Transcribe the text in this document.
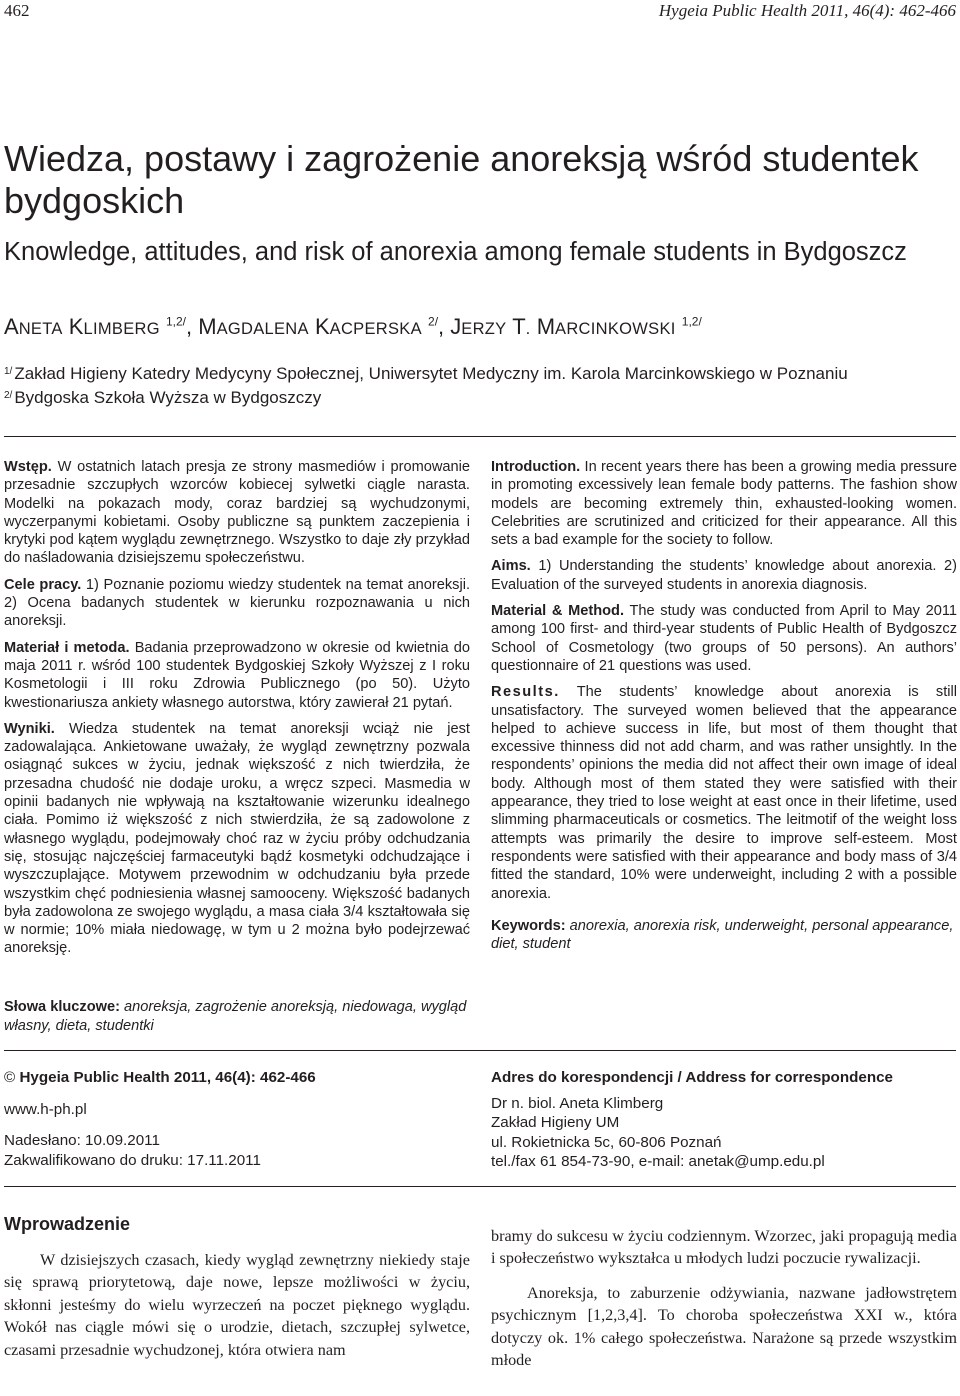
462	Hygeia Public Health 2011, 46(4): 462-466
Wiedza, postawy i zagrożenie anoreksją wśród studentek bydgoskich
Knowledge, attitudes, and risk of anorexia among female students in Bydgoszcz
ANETA KLIMBERG $^{1,2/}$, MAGDALENA KACPERSKA $^{2/}$, JERZY T. MARCINKOWSKI $^{1,2/}$
$^{1/}$ Zakład Higieny Katedry Medycyny Społecznej, Uniwersytet Medyczny im. Karola Marcinkowskiego w Poznaniu
$^{2/}$ Bydgoska Szkoła Wyższa w Bydgoszczy

Wstęp. W ostatnich latach presja ze strony masmediów i promowanie przesadnie szczupłych wzorców kobiecej sylwetki ciągle narasta. Modelki na pokazach mody, coraz bardziej są wychudzonymi, wyczerpanymi kobietami. Osoby publiczne są punktem zaczepienia i krytyki pod kątem wyglądu zewnętrznego. Wszystko to daje zły przykład do naśladowania dzisiejszemu społeczeństwu.

Cele pracy. 1) Poznanie poziomu wiedzy studentek na temat anoreksji. 2) Ocena badanych studentek w kierunku rozpoznawania u nich anoreksji.

Materiał i metoda. Badania przeprowadzono w okresie od kwietnia do maja 2011 r. wśród 100 studentek Bydgoskiej Szkoły Wyższej z I roku Kosmetologii i III roku Zdrowia Publicznego (po 50). Użyto kwestionariusza ankiety własnego autorstwa, który zawierał 21 pytań.

Wyniki. Wiedza studentek na temat anoreksji wciąż nie jest zadowalająca. Ankietowane uważały, że wygląd zewnętrzny pozwala osiągnąć sukces w życiu, jednak większość z nich twierdziła, że przesadna chudość nie dodaje uroku, a wręcz szpeci. Masmedia w opinii badanych nie wpływają na kształtowanie wizerunku idealnego ciała. Pomimo iż większość z nich stwierdziła, że są zadowolone z własnego wyglądu, podejmowały choć raz w życiu próby odchudzania się, stosując najczęściej farmaceutyki bądź kosmetyki odchudzające i wyszczuplające. Motywem przewodnim w odchudzaniu była przede wszystkim chęć podniesienia własnej samooceny. Większość badanych była zadowolona ze swojego wyglądu, a masa ciała 3/4 kształtowała się w normie; 10% miała niedowagę, w tym u 2 można było podejrzewać anoreksję.

Słowa kluczowe: anoreksja, zagrożenie anoreksją, niedowaga, wygląd własny, dieta, studentki

Introduction. In recent years there has been a growing media pressure in promoting excessively lean female body patterns. The fashion show models are becoming extremely thin, exhausted-looking women. Celebrities are scrutinized and criticized for their appearance. All this sets a bad example for the society to follow.

Aims. 1) Understanding the students’ knowledge about anorexia. 2) Evaluation of the surveyed students in anorexia diagnosis.

Material & Method. The study was conducted from April to May 2011 among 100 first- and third-year students of Public Health of Bydgoszcz School of Cosmetology (two groups of 50 persons). An authors’ questionnaire of 21 questions was used.

Results. The students’ knowledge about anorexia is still unsatisfactory. The surveyed women believed that the appearance helped to achieve success in life, but most of them thought that excessive thinness did not add charm, and was rather unsightly. In the respondents’ opinions the media did not affect their own image of ideal body. Although most of them stated they were satisfied with their appearance, they tried to lose weight at east once in their lifetime, used slimming pharmaceuticals or cosmetics. The leitmotif of the weight loss attempts was primarily the desire to improve self-esteem. Most respondents were satisfied with their appearance and body mass of 3/4 fitted the standard, 10% were underweight, including 2 with a possible anorexia.

Keywords: anorexia, anorexia risk, underweight, personal appearance, diet, student

© Hygeia Public Health 2011, 46(4): 462-466
www.h-ph.pl
Nadesłano: 10.09.2011
Zakwalifikowano do druku: 17.11.2011
Adres do korespondencji / Address for correspondence
Dr n. biol. Aneta Klimberg
Zakład Higieny UM
ul. Rokietnicka 5c, 60-806 Poznań
tel./fax 61 854-73-90, e-mail: anetak@ump.edu.pl
Wprowadzenie

W dzisiejszych czasach, kiedy wygląd zewnętrzny niekiedy staje się sprawą priorytetową, daje nowe, lepsze możliwości w życiu, skłonni jesteśmy do wielu wyrzeczeń na poczet pięknego wyglądu. Wokół nas ciągle mówi się o urodzie, dietach, szczupłej sylwetce, czasami przesadnie wychudzonej, która otwiera nam

bramy do sukcesu w życiu codziennym. Wzorzec, jaki propagują media i społeczeństwo wykształca u młodych ludzi poczucie rywalizacji.

Anoreksja, to zaburzenie odżywiania, nazwane jadłowstrętem psychicznym [1,2,3,4]. To choroba społeczeństwa XXI w., która dotyczy ok. 1% całego społeczeństwa. Narażone są przede wszystkim młode
